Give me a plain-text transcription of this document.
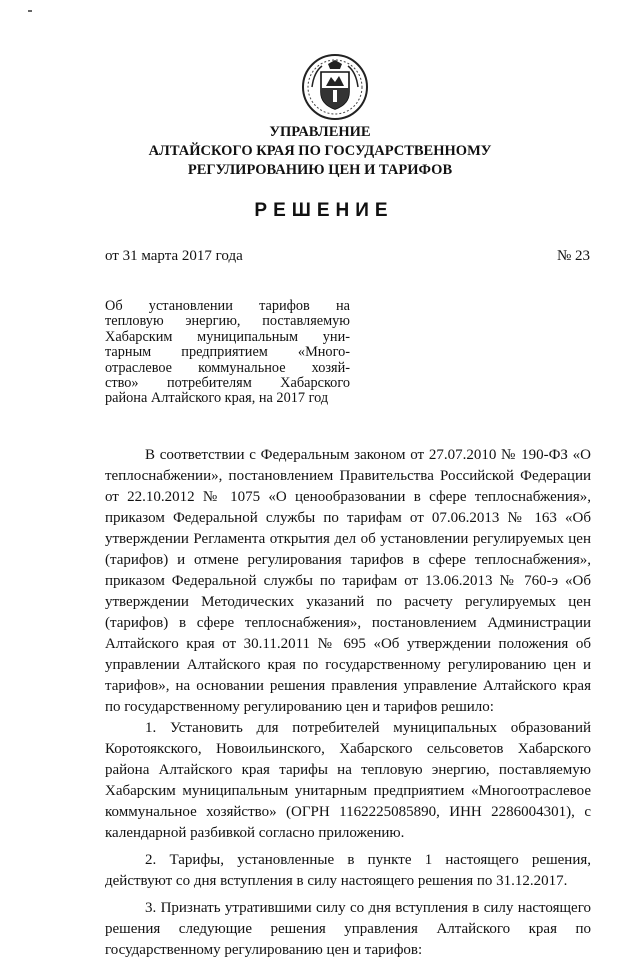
УПРАВЛЕНИЕ
АЛТАЙСКОГО КРАЯ ПО ГОСУДАРСТВЕННОМУ
РЕГУЛИРОВАНИЮ ЦЕН И ТАРИФОВ
РЕШЕНИЕ
от 31 марта 2017 года	№ 23
Об установлении тарифов на
тепловую энергию, поставляемую
Хабарским муниципальным уни-
тарным предприятием «Много-
отраслевое коммунальное хозяй-
ство» потребителям Хабарского
района Алтайского края, на 2017 год
В соответствии с Федеральным законом от 27.07.2010 № 190-ФЗ «О
теплоснабжении», постановлением Правительства Российской Федерации
от 22.10.2012 № 1075 «О ценообразовании в сфере теплоснабжения»,
приказом Федеральной службы по тарифам от 07.06.2013 № 163 «Об
утверждении Регламента открытия дел об установлении регулируемых цен
(тарифов) и отмене регулирования тарифов в сфере теплоснабжения»,
приказом Федеральной службы по тарифам от 13.06.2013 № 760-э «Об
утверждении Методических указаний по расчету регулируемых цен
(тарифов) в сфере теплоснабжения», постановлением Администрации
Алтайского края от 30.11.2011 № 695 «Об утверждении положения об
управлении Алтайского края по государственному регулированию цен и
тарифов», на основании решения правления управление Алтайского края
по государственному регулированию цен и тарифов решило:
1. Установить для потребителей муниципальных образований
Коротоякского, Новоильинского, Хабарского сельсоветов Хабарского
района Алтайского края тарифы на тепловую энергию, поставляемую
Хабарским муниципальным унитарным предприятием «Многоотраслевое
коммунальное хозяйство» (ОГРН 1162225085890, ИНН 2286004301), с
календарной разбивкой согласно приложению.
2. Тарифы, установленные в пункте 1 настоящего решения,
действуют со дня вступления в силу настоящего решения по 31.12.2017.
3. Признать утратившими силу со дня вступления в силу настоящего
решения следующие решения управления Алтайского края по
государственному регулированию цен и тарифов:
